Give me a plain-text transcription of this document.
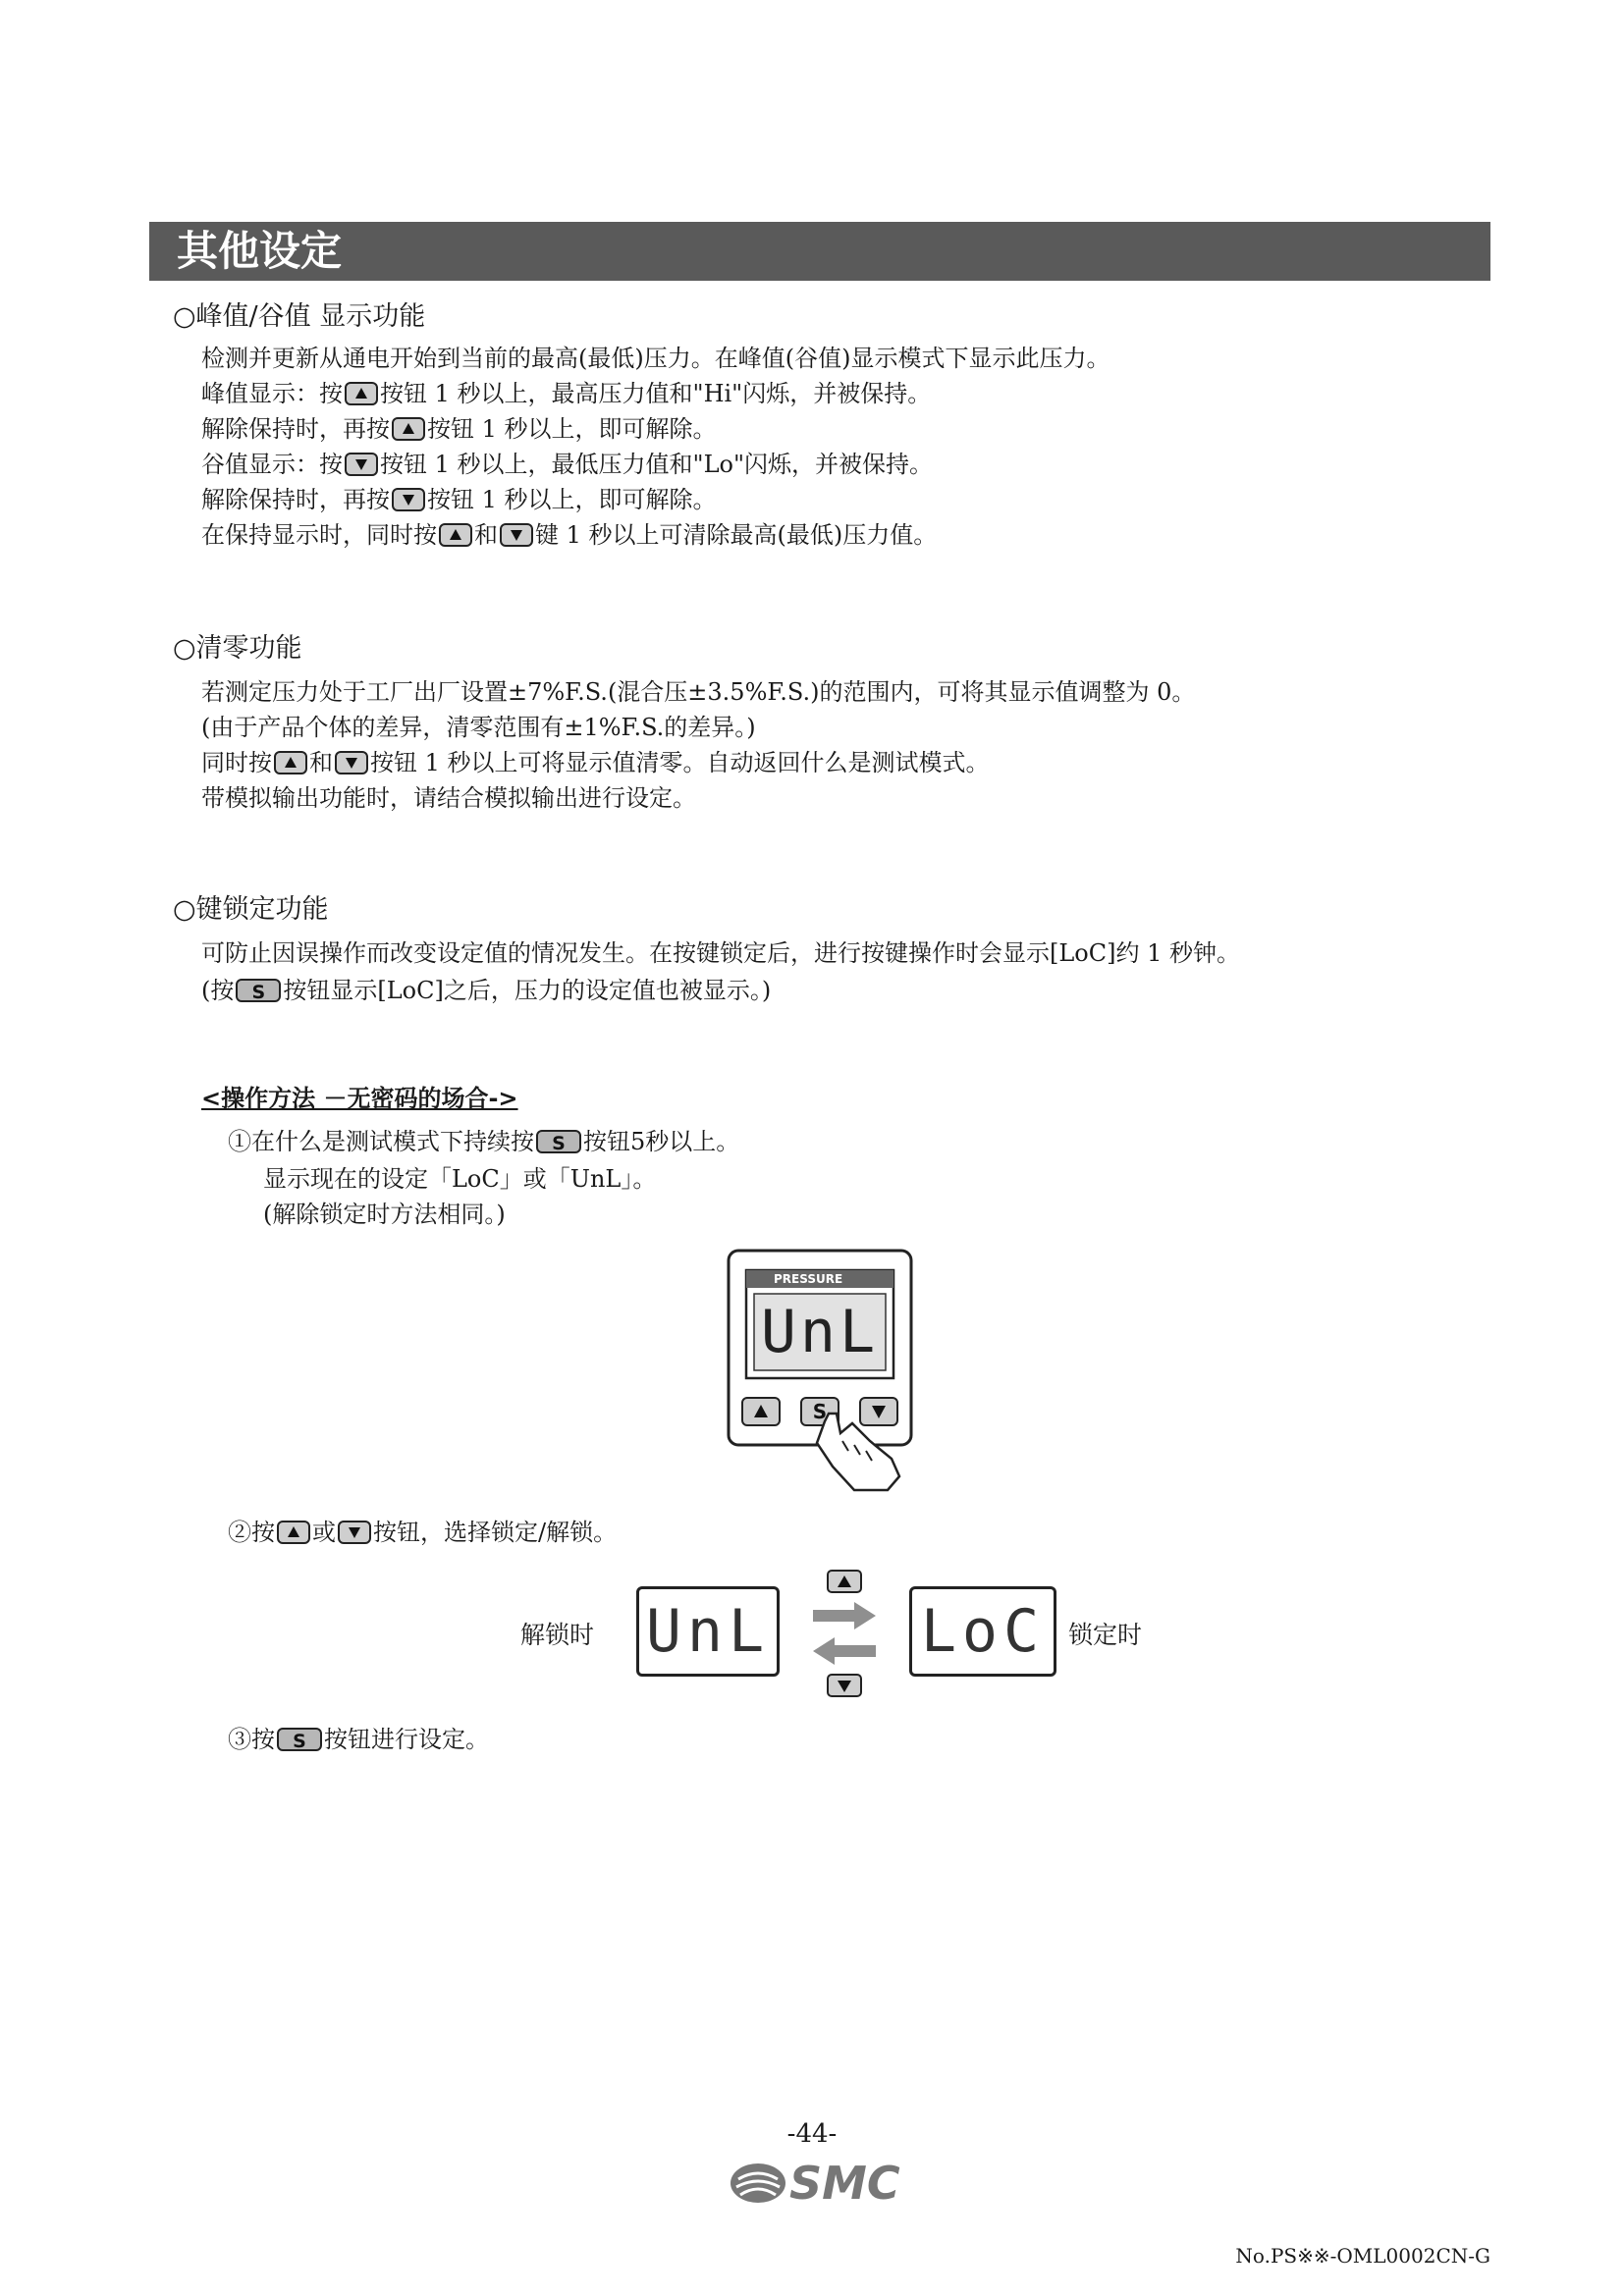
其他设定
○峰值/谷值 显示功能
检测并更新从通电开始到当前的最高(最低)压力。在峰值(谷值)显示模式下显示此压力。
峰值显示：按 按钮 1 秒以上，最高压力值和"Hi"闪烁，并被保持。
解除保持时，再按 按钮 1 秒以上，即可解除。
谷值显示：按 按钮 1 秒以上，最低压力值和"Lo"闪烁，并被保持。
解除保持时，再按 按钮 1 秒以上，即可解除。
在保持显示时，同时按 和 键 1 秒以上可清除最高(最低)压力值。
○清零功能
若测定压力处于工厂出厂设置±7%F.S.(混合压±3.5%F.S.)的范围内，可将其显示值调整为 0。
(由于产品个体的差异，清零范围有±1%F.S.的差异。)
同时按 和 按钮 1 秒以上可将显示值清零。自动返回什么是测试模式。
带模拟输出功能时，请结合模拟输出进行设定。
○键锁定功能
可防止因误操作而改变设定值的情况发生。在按键锁定后，进行按键操作时会显示[LoC]约 1 秒钟。
(按 S 按钮显示[LoC]之后，压力的设定值也被显示。)
<操作方法 －无密码的场合->
①在什么是测试模式下持续按 S 按钮5秒以上。
显示现在的设定「LoC」或「UnL」。
(解除锁定时方法相同。)
PRESSURE
UnL
S
②按 或 按钮，选择锁定/解锁。
解锁时 UnL	LoC 锁定时
③按 S 按钮进行设定。
-44-
SMC
No.PS※※-OML0002CN-G
